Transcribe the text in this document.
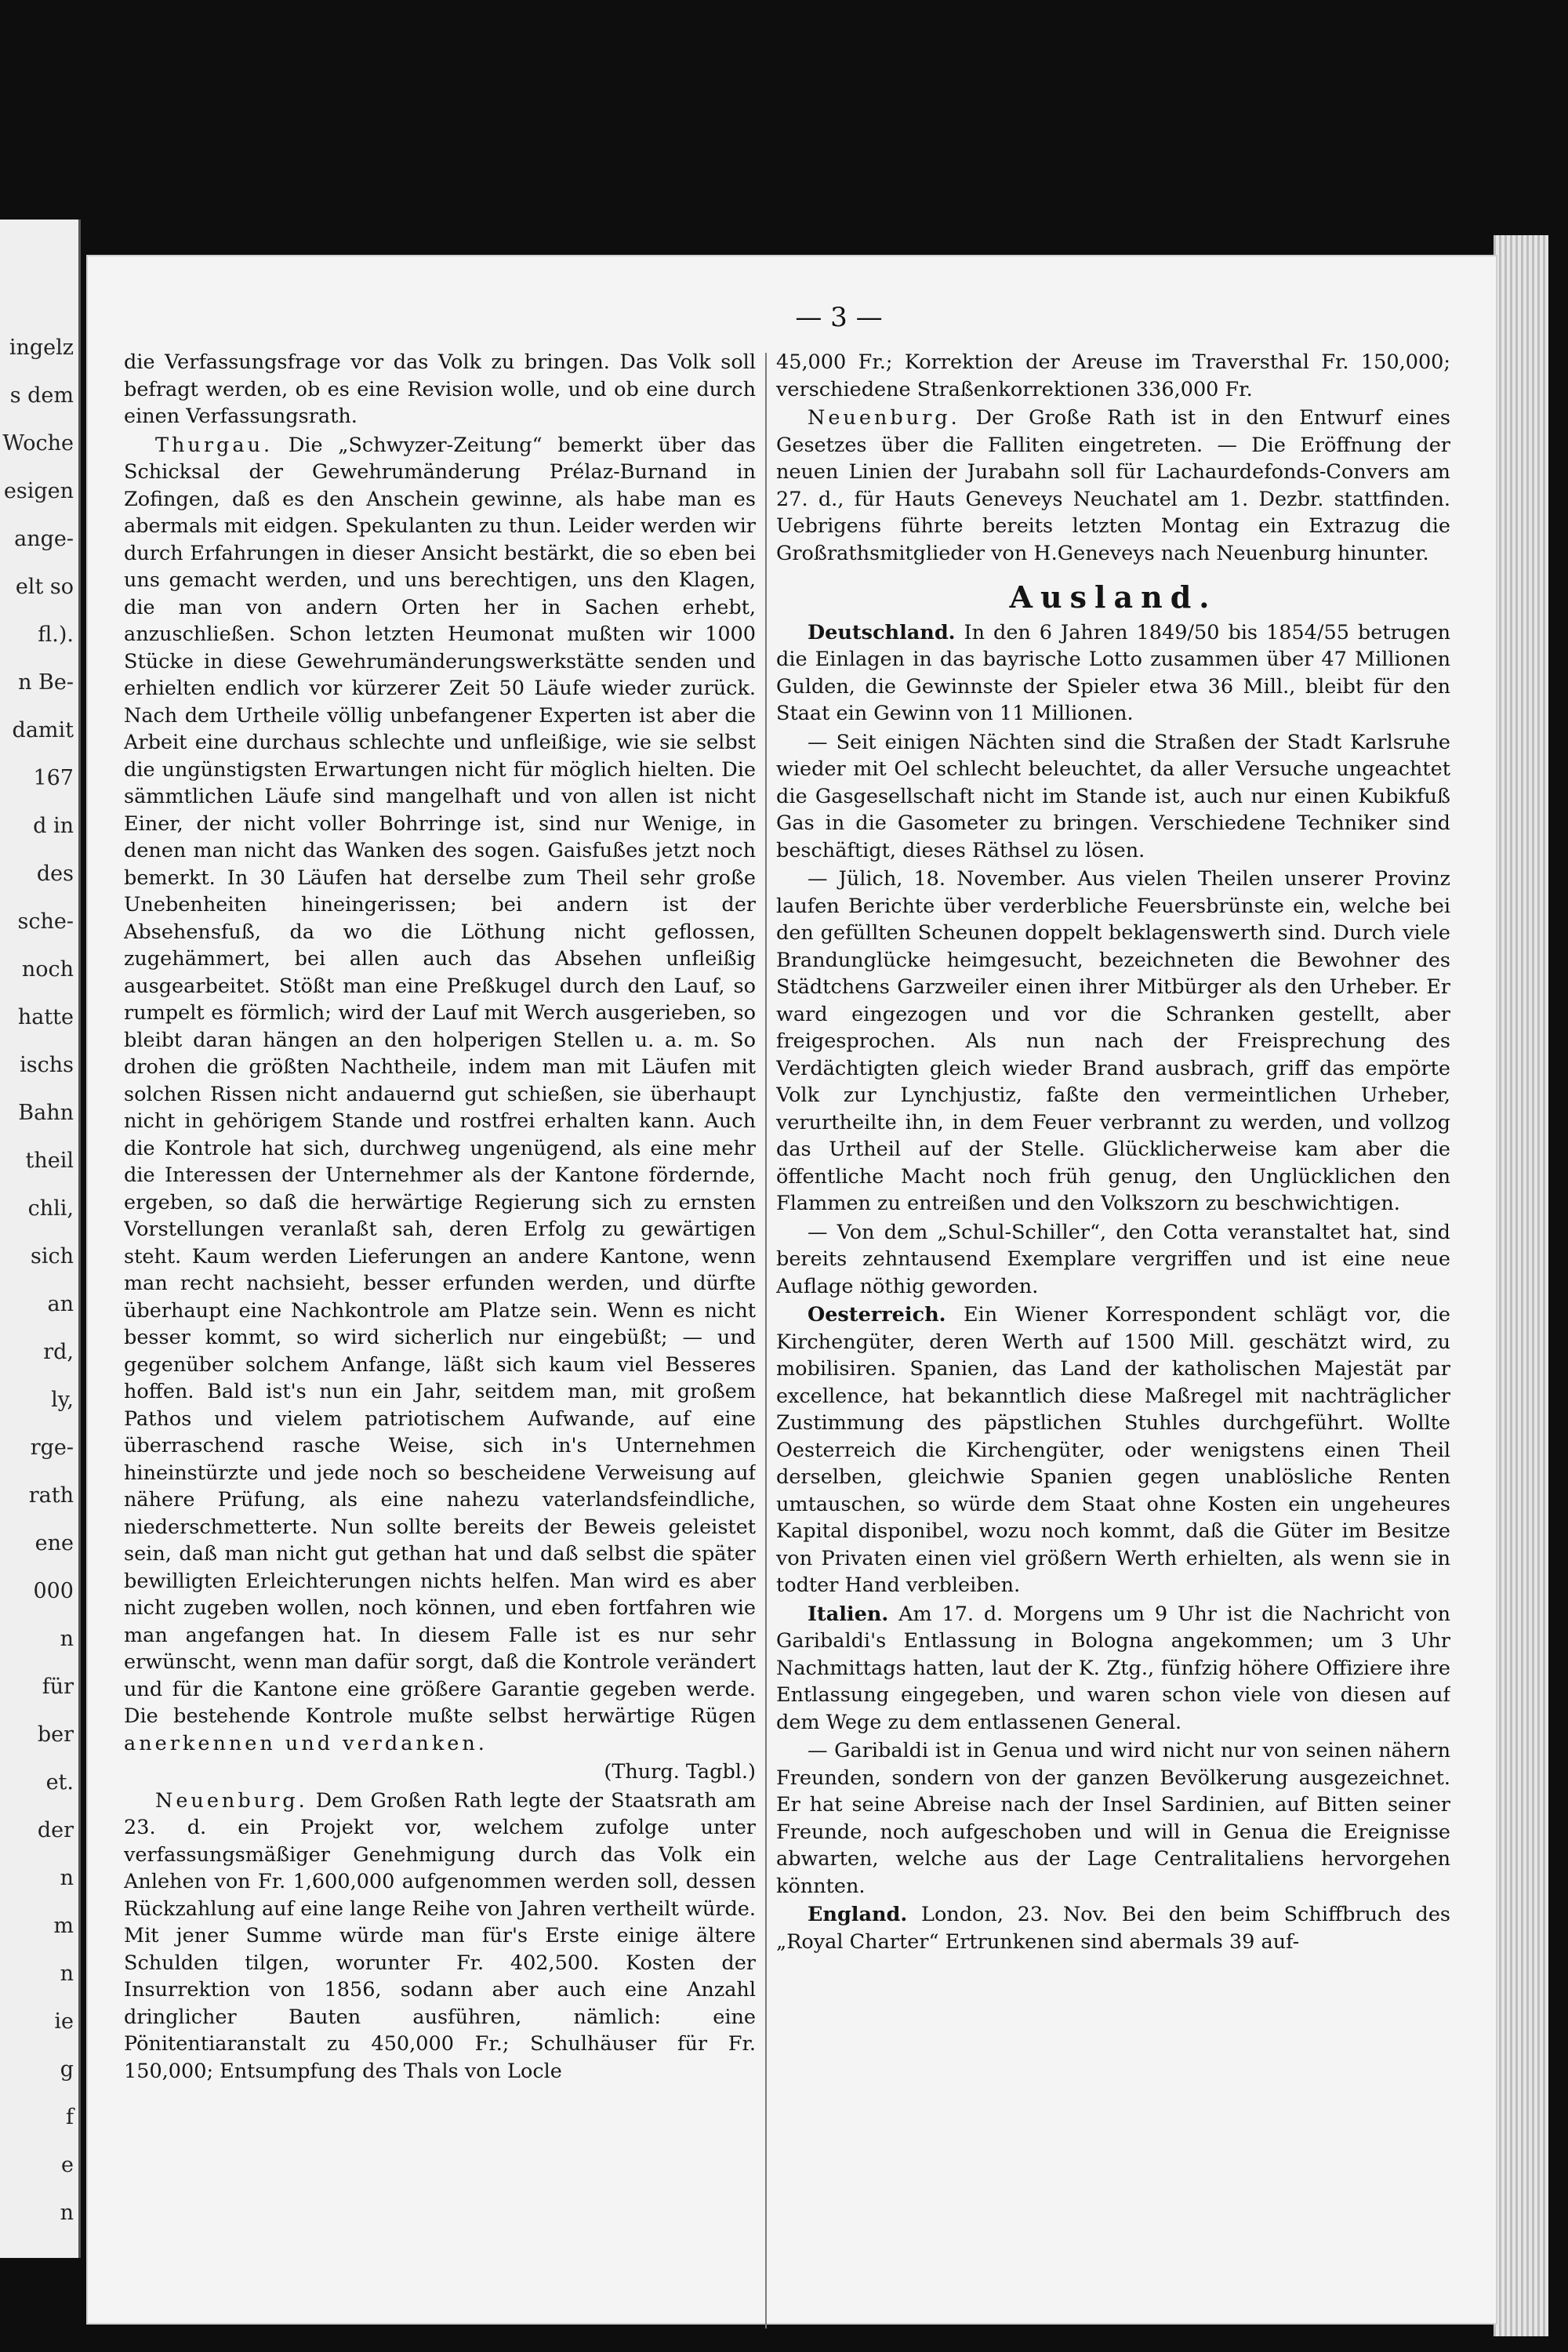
ingelz
s dem
Woche
esigen
ange-
elt so
fl.).
n Be-
damit
167
d in
des
sche-
noch
hatte
ischs
Bahn
theil
chli,
sich
an
rd,
ly,
rge-
rath
ene
000
n
für
ber
et.
der
n
m
n
ie
g
f
e
n
— 3 —

die Verfassungsfrage vor das Volk zu bringen. Das Volk soll befragt werden, ob es eine Revision wolle, und ob eine durch einen Verfassungsrath.

Thurgau. Die „Schwyzer-Zeitung“ bemerkt über das Schicksal der Gewehrumänderung Prélaz-Burnand in Zofingen, daß es den Anschein gewinne, als habe man es abermals mit eidgen. Spekulanten zu thun. Leider werden wir durch Erfahrungen in dieser Ansicht bestärkt, die so eben bei uns gemacht werden, und uns berechtigen, uns den Klagen, die man von andern Orten her in Sachen erhebt, anzuschließen. Schon letzten Heumonat mußten wir 1000 Stücke in diese Gewehrumänderungswerkstätte senden und erhielten endlich vor kürzerer Zeit 50 Läufe wieder zurück. Nach dem Urtheile völlig unbefangener Experten ist aber die Arbeit eine durchaus schlechte und unfleißige, wie sie selbst die ungünstigsten Erwartungen nicht für möglich hielten. Die sämmtlichen Läufe sind mangelhaft und von allen ist nicht Einer, der nicht voller Bohrringe ist, sind nur Wenige, in denen man nicht das Wanken des sogen. Gaisfußes jetzt noch bemerkt. In 30 Läufen hat derselbe zum Theil sehr große Unebenheiten hineingerissen; bei andern ist der Absehensfuß, da wo die Löthung nicht geflossen, zugehämmert, bei allen auch das Absehen unfleißig ausgearbeitet. Stößt man eine Preßkugel durch den Lauf, so rumpelt es förmlich; wird der Lauf mit Werch ausgerieben, so bleibt daran hängen an den holperigen Stellen u. a. m. So drohen die größten Nachtheile, indem man mit Läufen mit solchen Rissen nicht andauernd gut schießen, sie überhaupt nicht in gehörigem Stande und rostfrei erhalten kann. Auch die Kontrole hat sich, durchweg ungenügend, als eine mehr die Interessen der Unternehmer als der Kantone fördernde, ergeben, so daß die herwärtige Regierung sich zu ernsten Vorstellungen veranlaßt sah, deren Erfolg zu gewärtigen steht. Kaum werden Lieferungen an andere Kantone, wenn man recht nachsieht, besser erfunden werden, und dürfte überhaupt eine Nachkontrole am Platze sein. Wenn es nicht besser kommt, so wird sicherlich nur eingebüßt; — und gegenüber solchem Anfange, läßt sich kaum viel Besseres hoffen. Bald ist's nun ein Jahr, seitdem man, mit großem Pathos und vielem patriotischem Aufwande, auf eine überraschend rasche Weise, sich in's Unternehmen hineinstürzte und jede noch so bescheidene Verweisung auf nähere Prüfung, als eine nahezu vaterlandsfeindliche, niederschmetterte. Nun sollte bereits der Beweis geleistet sein, daß man nicht gut gethan hat und daß selbst die später bewilligten Erleichterungen nichts helfen. Man wird es aber nicht zugeben wollen, noch können, und eben fortfahren wie man angefangen hat. In diesem Falle ist es nur sehr erwünscht, wenn man dafür sorgt, daß die Kontrole verändert und für die Kantone eine größere Garantie gegeben werde. Die bestehende Kontrole mußte selbst herwärtige Rügen anerkennen und verdanken.

(Thurg. Tagbl.)

Neuenburg. Dem Großen Rath legte der Staatsrath am 23. d. ein Projekt vor, welchem zufolge unter verfassungsmäßiger Genehmigung durch das Volk ein Anlehen von Fr. 1,600,000 aufgenommen werden soll, dessen Rückzahlung auf eine lange Reihe von Jahren vertheilt würde. Mit jener Summe würde man für's Erste einige ältere Schulden tilgen, worunter Fr. 402,500. Kosten der Insurrektion von 1856, sodann aber auch eine Anzahl dringlicher Bauten ausführen, nämlich: eine Pönitentiaranstalt zu 450,000 Fr.; Schulhäuser für Fr. 150,000; Entsumpfung des Thals von Locle

45,000 Fr.; Korrektion der Areuse im Traversthal Fr. 150,000; verschiedene Straßenkorrektionen 336,000 Fr.

Neuenburg. Der Große Rath ist in den Entwurf eines Gesetzes über die Falliten eingetreten. — Die Eröffnung der neuen Linien der Jurabahn soll für Lachaurdefonds-Convers am 27. d., für Hauts Geneveys Neuchatel am 1. Dezbr. stattfinden. Uebrigens führte bereits letzten Montag ein Extrazug die Großrathsmitglieder von H.Geneveys nach Neuenburg hinunter.

Ausland.

Deutschland. In den 6 Jahren 1849/50 bis 1854/55 betrugen die Einlagen in das bayrische Lotto zusammen über 47 Millionen Gulden, die Gewinnste der Spieler etwa 36 Mill., bleibt für den Staat ein Gewinn von 11 Millionen.

— Seit einigen Nächten sind die Straßen der Stadt Karlsruhe wieder mit Oel schlecht beleuchtet, da aller Versuche ungeachtet die Gasgesellschaft nicht im Stande ist, auch nur einen Kubikfuß Gas in die Gasometer zu bringen. Verschiedene Techniker sind beschäftigt, dieses Räthsel zu lösen.

— Jülich, 18. November. Aus vielen Theilen unserer Provinz laufen Berichte über verderbliche Feuersbrünste ein, welche bei den gefüllten Scheunen doppelt beklagenswerth sind. Durch viele Brandunglücke heimgesucht, bezeichneten die Bewohner des Städtchens Garzweiler einen ihrer Mitbürger als den Urheber. Er ward eingezogen und vor die Schranken gestellt, aber freigesprochen. Als nun nach der Freisprechung des Verdächtigten gleich wieder Brand ausbrach, griff das empörte Volk zur Lynchjustiz, faßte den vermeintlichen Urheber, verurtheilte ihn, in dem Feuer verbrannt zu werden, und vollzog das Urtheil auf der Stelle. Glücklicherweise kam aber die öffentliche Macht noch früh genug, den Unglücklichen den Flammen zu entreißen und den Volkszorn zu beschwichtigen.

— Von dem „Schul-Schiller“, den Cotta veranstaltet hat, sind bereits zehntausend Exemplare vergriffen und ist eine neue Auflage nöthig geworden.

Oesterreich. Ein Wiener Korrespondent schlägt vor, die Kirchengüter, deren Werth auf 1500 Mill. geschätzt wird, zu mobilisiren. Spanien, das Land der katholischen Majestät par excellence, hat bekanntlich diese Maßregel mit nachträglicher Zustimmung des päpstlichen Stuhles durchgeführt. Wollte Oesterreich die Kirchengüter, oder wenigstens einen Theil derselben, gleichwie Spanien gegen unablösliche Renten umtauschen, so würde dem Staat ohne Kosten ein ungeheures Kapital disponibel, wozu noch kommt, daß die Güter im Besitze von Privaten einen viel größern Werth erhielten, als wenn sie in todter Hand verbleiben.

Italien. Am 17. d. Morgens um 9 Uhr ist die Nachricht von Garibaldi's Entlassung in Bologna angekommen; um 3 Uhr Nachmittags hatten, laut der K. Ztg., fünfzig höhere Offiziere ihre Entlassung eingegeben, und waren schon viele von diesen auf dem Wege zu dem entlassenen General.

— Garibaldi ist in Genua und wird nicht nur von seinen nähern Freunden, sondern von der ganzen Bevölkerung ausgezeichnet. Er hat seine Abreise nach der Insel Sardinien, auf Bitten seiner Freunde, noch aufgeschoben und will in Genua die Ereignisse abwarten, welche aus der Lage Centralitaliens hervorgehen könnten.

England. London, 23. Nov. Bei den beim Schiffbruch des „Royal Charter“ Ertrunkenen sind abermals 39 auf-
